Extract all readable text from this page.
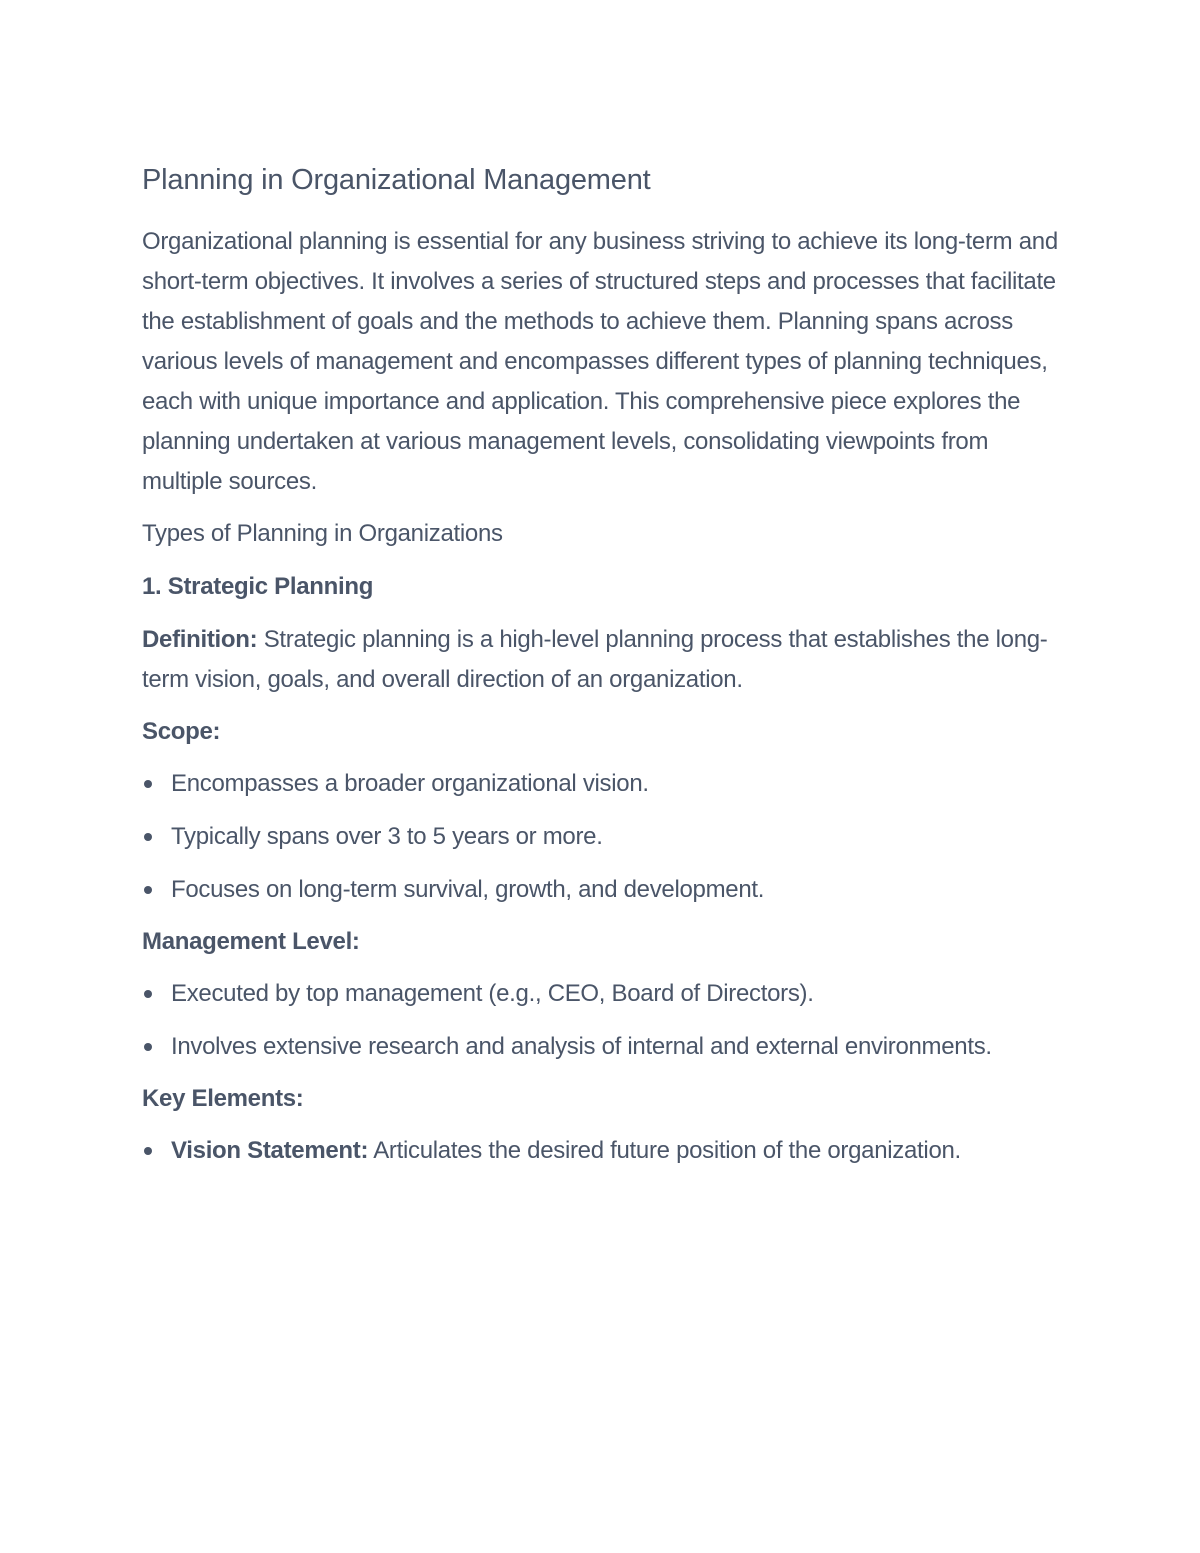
Planning in Organizational Management

Organizational planning is essential for any business striving to achieve its long-term and short-term objectives. It involves a series of structured steps and processes that facilitate the establishment of goals and the methods to achieve them. Planning spans across various levels of management and encompasses different types of planning techniques, each with unique importance and application. This comprehensive piece explores the planning undertaken at various management levels, consolidating viewpoints from multiple sources.

Types of Planning in Organizations

1. Strategic Planning

Definition: Strategic planning is a high-level planning process that establishes the long-term vision, goals, and overall direction of an organization.

Scope:

Encompasses a broader organizational vision.
Typically spans over 3 to 5 years or more.
Focuses on long-term survival, growth, and development.

Management Level:

Executed by top management (e.g., CEO, Board of Directors).
Involves extensive research and analysis of internal and external environments.

Key Elements:

Vision Statement: Articulates the desired future position of the organization.
